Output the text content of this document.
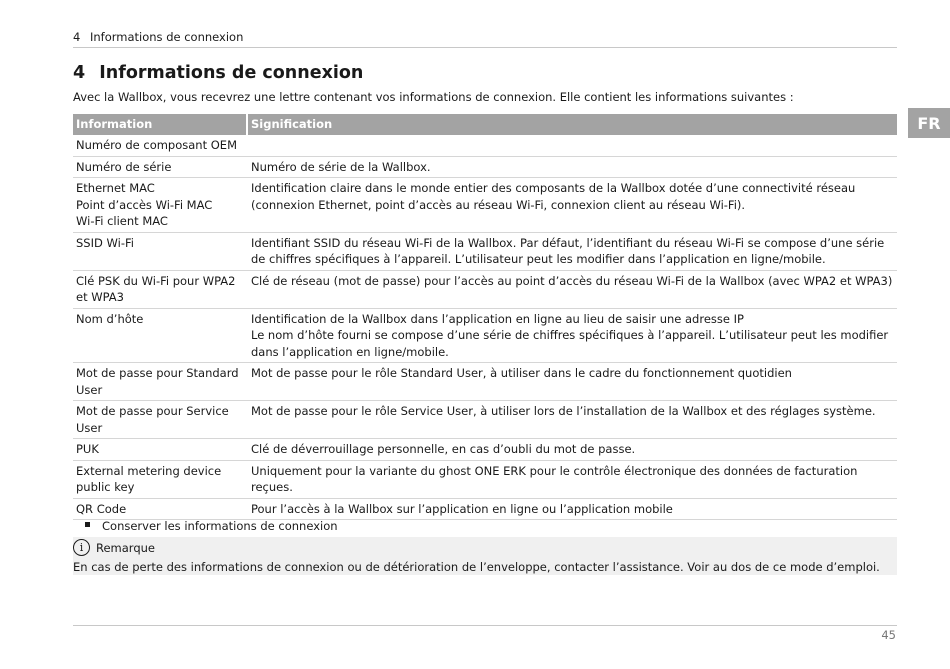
4 Informations de connexion
FR
4 Informations de connexion

Avec la Wallbox, vous recevrez une lettre contenant vos informations de connexion. Elle contient les informations suivantes :

Information	Signification

Numéro de composant OEM	

Numéro de série	Numéro de série de la Wallbox.

Ethernet MAC
Point d’accès Wi-Fi MAC
Wi-Fi client MAC	Identification claire dans le monde entier des composants de la Wallbox dotée d’une connectivité réseau (connexion Ethernet, point d’accès au réseau Wi-Fi, connexion client au réseau Wi-Fi).

SSID Wi-Fi	Identifiant SSID du réseau Wi-Fi de la Wallbox. Par défaut, l’identifiant du réseau Wi-Fi se compose d’une série de chiffres spécifiques à l’appareil. L’utilisateur peut les modifier dans l’application en ligne/mobile.

Clé PSK du Wi-Fi pour WPA2 et WPA3	Clé de réseau (mot de passe) pour l’accès au point d’accès du réseau Wi-Fi de la Wallbox (avec WPA2 et WPA3)

Nom d’hôte	Identification de la Wallbox dans l’application en ligne au lieu de saisir une adresse IP
Le nom d’hôte fourni se compose d’une série de chiffres spécifiques à l’appareil. L’utilisateur peut les modifier dans l’application en ligne/mobile.

Mot de passe pour Standard User	Mot de passe pour le rôle Standard User, à utiliser dans le cadre du fonctionnement quotidien

Mot de passe pour Service User	Mot de passe pour le rôle Service User, à utiliser lors de l’installation de la Wallbox et des réglages système.

PUK	Clé de déverrouillage personnelle, en cas d’oubli du mot de passe.

External metering device public key	Uniquement pour la variante du ghost ONE ERK pour le contrôle électronique des données de facturation reçues.

QR Code	Pour l’accès à la Wallbox sur l’application en ligne ou l’application mobile
Conserver les informations de connexion
i	Remarque
En cas de perte des informations de connexion ou de détérioration de l’enveloppe, contacter l’assistance. Voir au dos de ce mode d’emploi.
45
